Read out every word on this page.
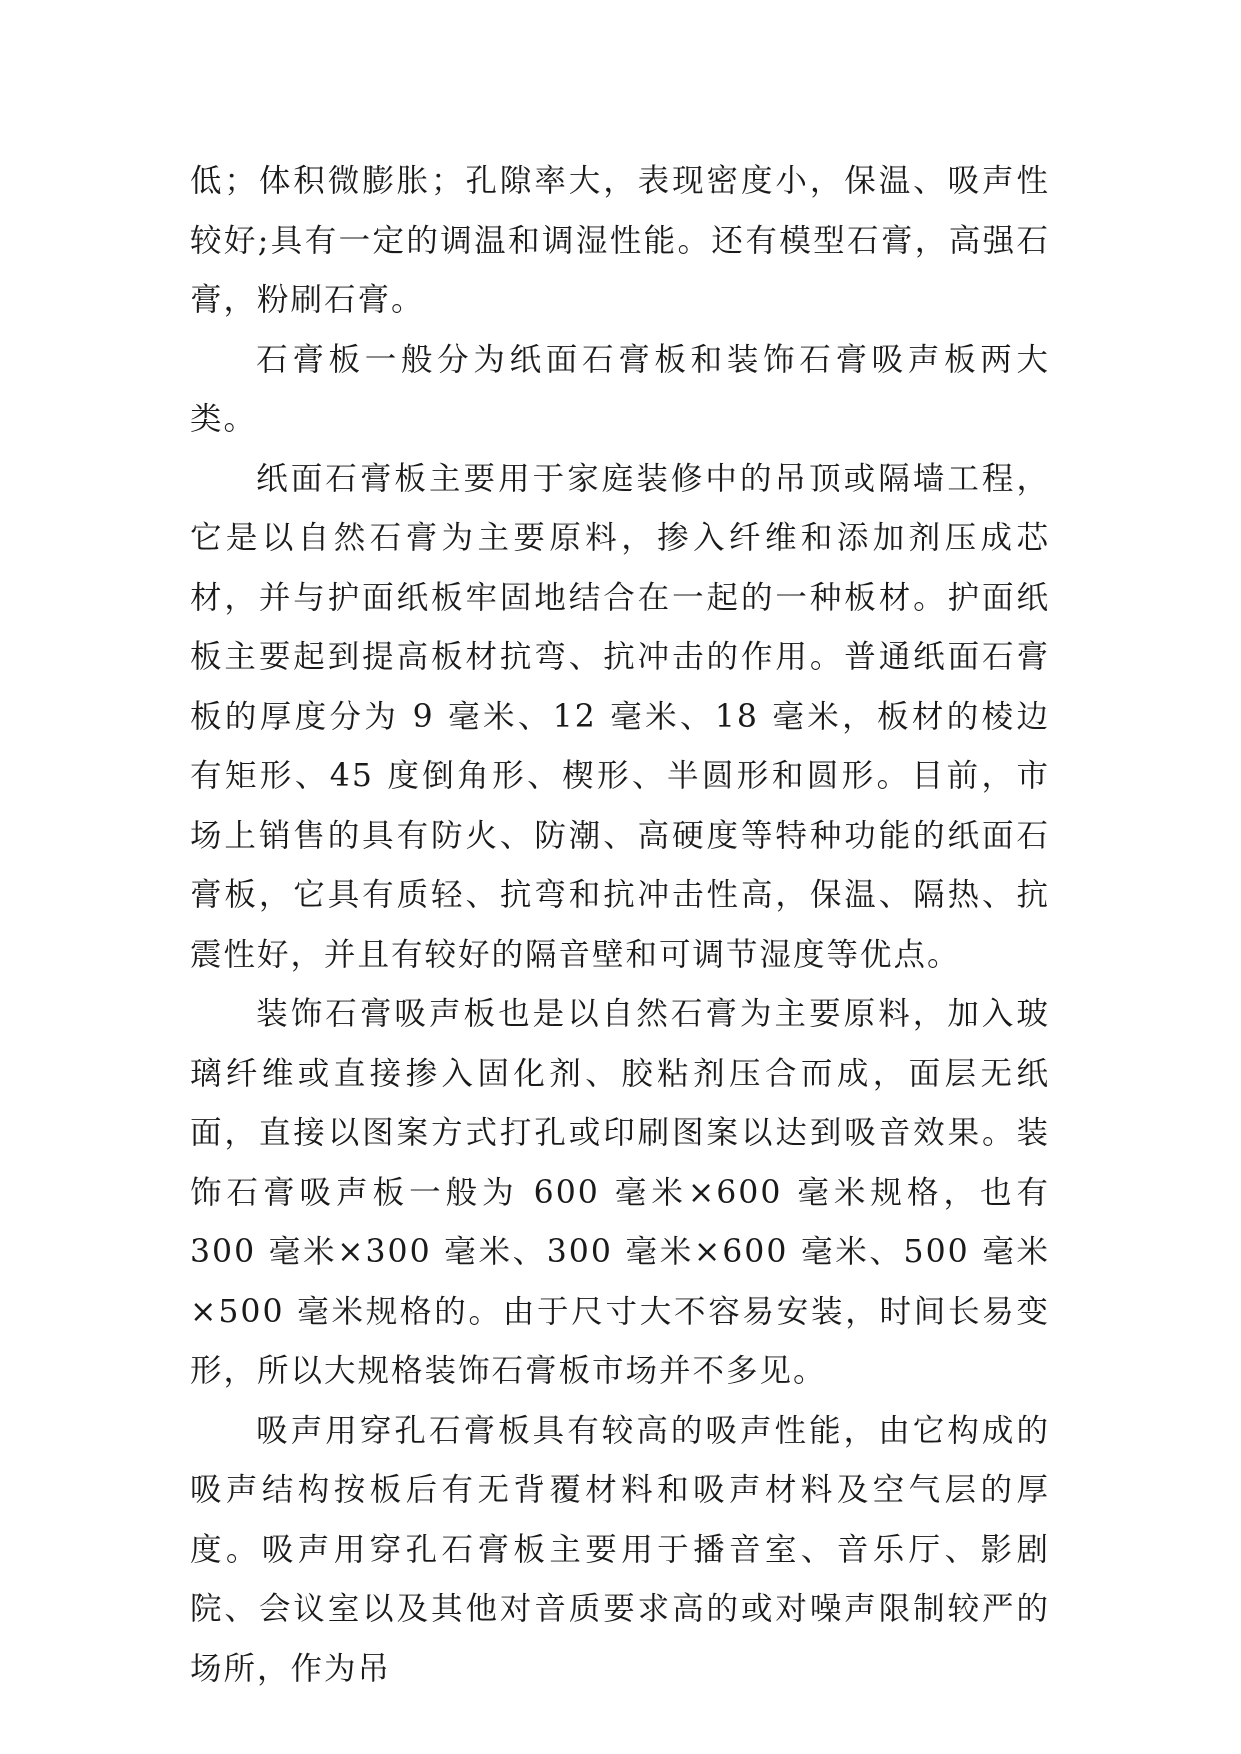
低；体积微膨胀；孔隙率大，表现密度小，保温、吸声性较好;具有一定的调温和调湿性能。还有模型石膏，高强石膏，粉刷石膏。

石膏板一般分为纸面石膏板和装饰石膏吸声板两大类。

纸面石膏板主要用于家庭装修中的吊顶或隔墙工程，它是以自然石膏为主要原料，掺入纤维和添加剂压成芯材，并与护面纸板牢固地结合在一起的一种板材。护面纸板主要起到提高板材抗弯、抗冲击的作用。普通纸面石膏板的厚度分为 9 毫米、12 毫米、18 毫米，板材的棱边有矩形、45 度倒角形、楔形、半圆形和圆形。目前，市场上销售的具有防火、防潮、高硬度等特种功能的纸面石膏板，它具有质轻、抗弯和抗冲击性高，保温、隔热、抗震性好，并且有较好的隔音壁和可调节湿度等优点。

装饰石膏吸声板也是以自然石膏为主要原料，加入玻璃纤维或直接掺入固化剂、胶粘剂压合而成，面层无纸面，直接以图案方式打孔或印刷图案以达到吸音效果。装饰石膏吸声板一般为 600 毫米×600 毫米规格，也有 300 毫米×300 毫米、300 毫米×600 毫米、500 毫米×500 毫米规格的。由于尺寸大不容易安装，时间长易变形，所以大规格装饰石膏板市场并不多见。

吸声用穿孔石膏板具有较高的吸声性能，由它构成的吸声结构按板后有无背覆材料和吸声材料及空气层的厚度。吸声用穿孔石膏板主要用于播音室、音乐厅、影剧院、会议室以及其他对音质要求高的或对噪声限制较严的场所，作为吊
